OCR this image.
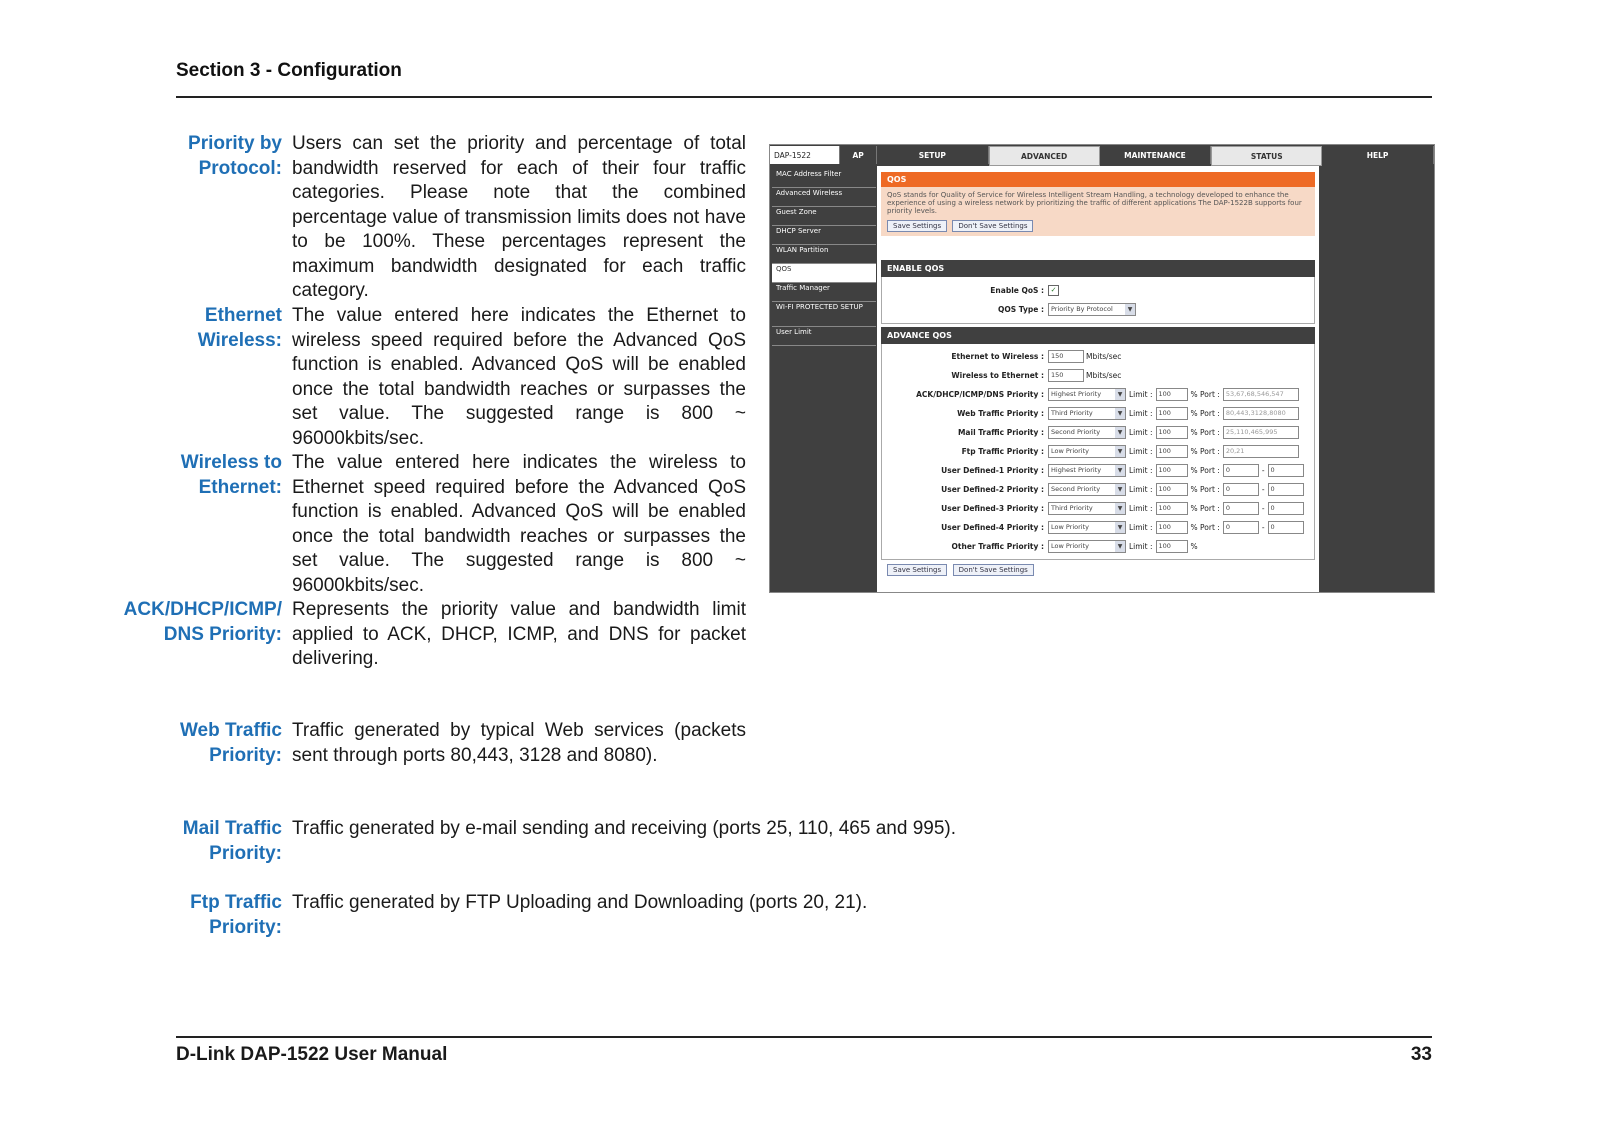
Section 3 - Configuration
Priority by
Protocol:
Users can set the priority and percentage of total bandwidth reserved for each of their four traffic categories. Please note that the combined percentage value of transmission limits does not have to be 100%. These percentages represent the maximum bandwidth designated for each traffic category.
Ethernet
Wireless:
The value entered here indicates the Ethernet to wireless speed required before the Advanced QoS function is enabled. Advanced QoS will be enabled once the total bandwidth reaches or surpasses the set value. The suggested range is 800 ~ 96000kbits/sec.
Wireless to
Ethernet:
The value entered here indicates the wireless to Ethernet speed required before the Advanced QoS function is enabled. Advanced QoS will be enabled once the total bandwidth reaches or surpasses the set value. The suggested range is 800 ~ 96000kbits/sec.
ACK/DHCP/ICMP/
DNS Priority:
Represents the priority value and bandwidth limit applied to ACK, DHCP, ICMP, and DNS for packet delivering.
Web Traffic
Priority:
Traffic generated by typical Web services (packets sent through ports 80,443, 3128 and 8080).
Mail Traffic
Priority:
Traffic generated by e-mail sending and receiving (ports 25, 110, 465 and 995).
Ftp Traffic
Priority:
Traffic generated by FTP Uploading and Downloading (ports 20, 21).
DAP-1522	AP	SETUP	ADVANCED	MAINTENANCE	STATUS	HELP
MAC Address Filter
Advanced Wireless
Guest Zone
DHCP Server
WLAN Partition
QOS
Traffic Manager
WI-FI PROTECTED SETUP
User Limit
QOS
QoS stands for Quality of Service for Wireless Intelligent Stream Handling, a technology developed to enhance the experience of using a wireless network by prioritizing the traffic of different applications The DAP-1522B supports four priority levels.
Save Settings Don't Save Settings
ENABLE QOS
Enable QoS : ✓
QOS Type :	Priority By Protocol ▼
ADVANCE QOS
Ethernet to Wireless :	150	Mbits/sec
Wireless to Ethernet :	150	Mbits/sec
ACK/DHCP/ICMP/DNS Priority :	Highest Priority ▼	Limit : 100	% Port : 53,67,68,546,547
Web Traffic Priority :	Third Priority ▼	Limit : 100	% Port : 80,443,3128,8080
Mail Traffic Priority :	Second Priority ▼	Limit : 100	% Port : 25,110,465,995
Ftp Traffic Priority :	Low Priority ▼	Limit : 100	% Port : 20,21
User Defined-1 Priority :	Highest Priority ▼	Limit : 100	% Port : 0	- 0
User Defined-2 Priority :	Second Priority ▼	Limit : 100	% Port : 0	- 0
User Defined-3 Priority :	Third Priority ▼	Limit : 100	% Port : 0	- 0
User Defined-4 Priority :	Low Priority ▼	Limit : 100	% Port : 0	- 0
Other Traffic Priority :	Low Priority ▼	Limit : 100	%
Save Settings	Don't Save Settings
D-Link DAP-1522 User Manual	33
